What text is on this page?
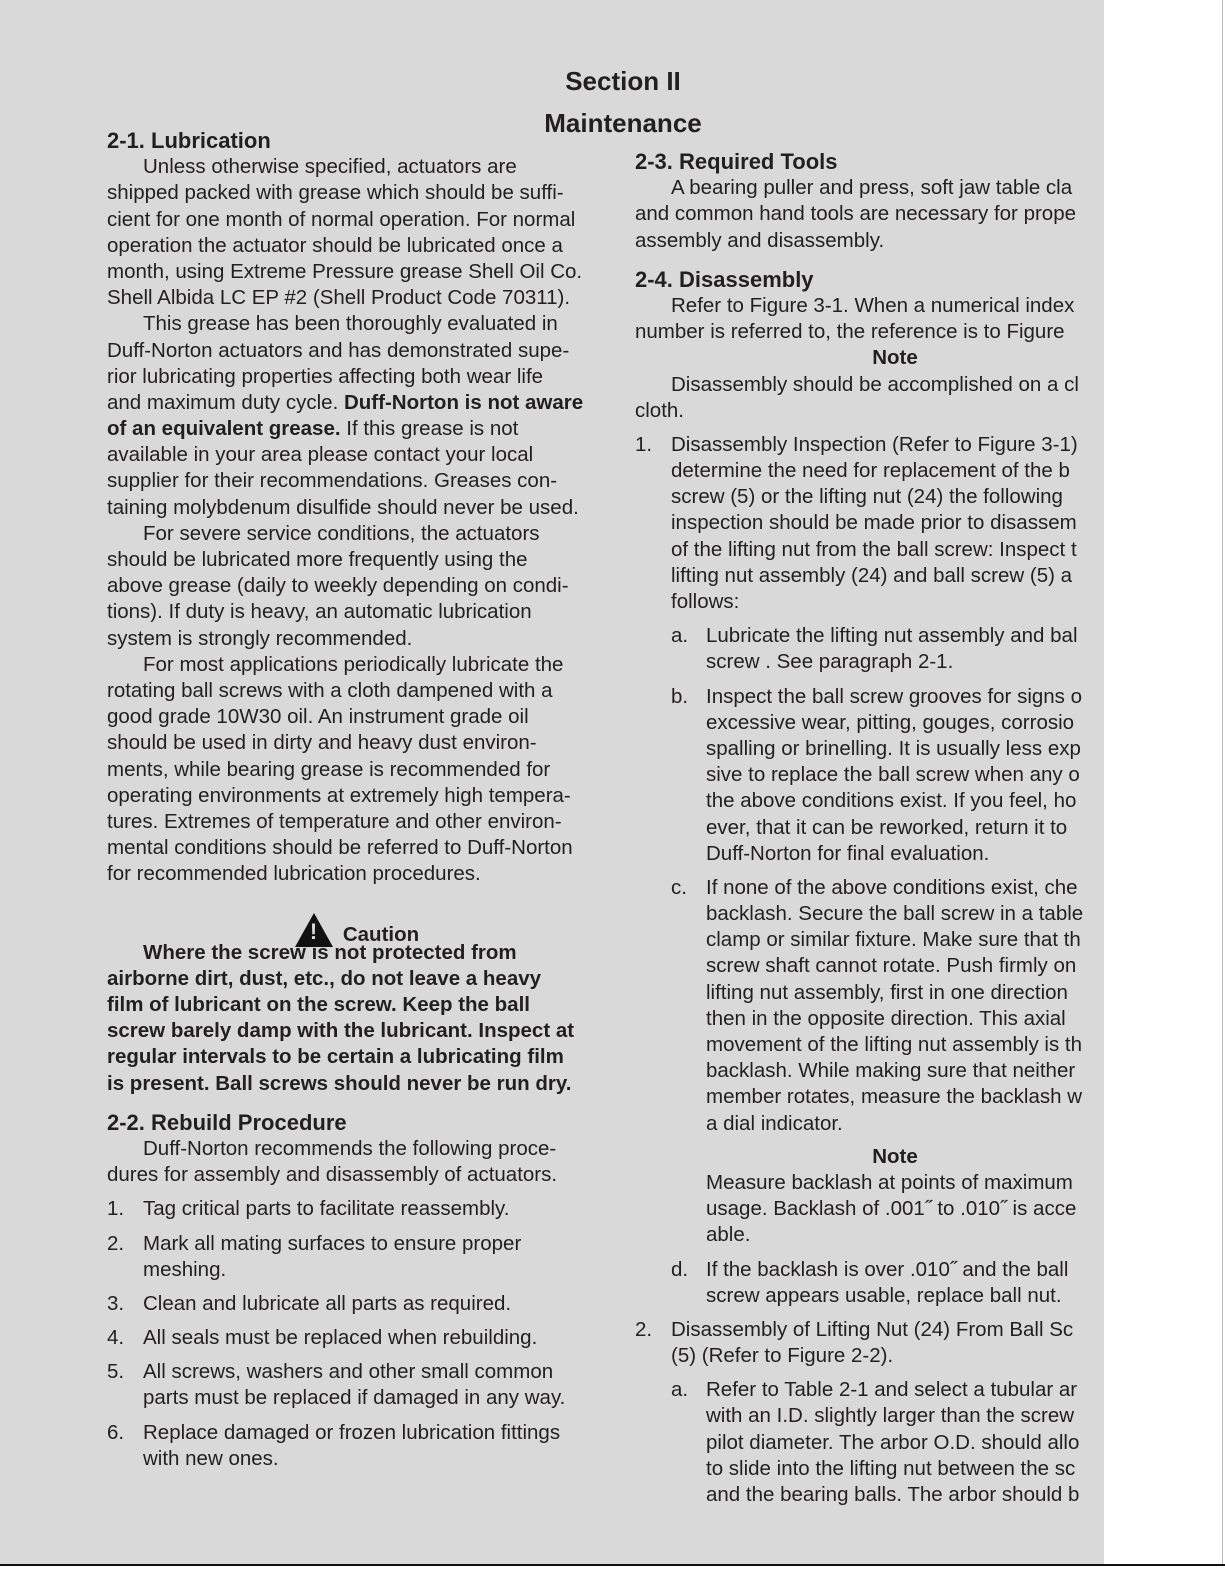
Section II
Maintenance
2-1. Lubrication
Unless otherwise specified, actuators are
shipped packed with grease which should be suffi-
cient for one month of normal operation. For normal
operation the actuator should be lubricated once a
month, using Extreme Pressure grease Shell Oil Co.
Shell Albida LC EP #2 (Shell Product Code 70311).
This grease has been thoroughly evaluated in
Duff-Norton actuators and has demonstrated supe-
rior lubricating properties affecting both wear life
and maximum duty cycle. Duff-Norton is not aware
of an equivalent grease. If this grease is not
available in your area please contact your local
supplier for their recommendations. Greases con-
taining molybdenum disulfide should never be used.
For severe service conditions, the actuators
should be lubricated more frequently using the
above grease (daily to weekly depending on condi-
tions). If duty is heavy, an automatic lubrication
system is strongly recommended.
For most applications periodically lubricate the
rotating ball screws with a cloth dampened with a
good grade 10W30 oil. An instrument grade oil
should be used in dirty and heavy dust environ-
ments, while bearing grease is recommended for
operating environments at extremely high tempera-
tures. Extremes of temperature and other environ-
mental conditions should be referred to Duff-Norton
for recommended lubrication procedures.
!Caution
Where the screw is not protected from
airborne dirt, dust, etc., do not leave a heavy
film of lubricant on the screw. Keep the ball
screw barely damp with the lubricant. Inspect at
regular intervals to be certain a lubricating film
is present. Ball screws should never be run dry.
2-2. Rebuild Procedure
Duff-Norton recommends the following proce-
dures for assembly and disassembly of actuators.
1. Tag critical parts to facilitate reassembly.
2. Mark all mating surfaces to ensure proper
meshing.
3. Clean and lubricate all parts as required.
4. All seals must be replaced when rebuilding.
5. All screws, washers and other small common
parts must be replaced if damaged in any way.
6. Replace damaged or frozen lubrication fittings
with new ones.
2-3. Required Tools
A bearing puller and press, soft jaw table cla
and common hand tools are necessary for prope
assembly and disassembly.
2-4. Disassembly
Refer to Figure 3-1. When a numerical index
number is referred to, the reference is to Figure
Note
Disassembly should be accomplished on a cl
cloth.
1. Disassembly Inspection (Refer to Figure 3-1)
determine the need for replacement of the b
screw (5) or the lifting nut (24) the following
inspection should be made prior to disassem
of the lifting nut from the ball screw: Inspect t
lifting nut assembly (24) and ball screw (5) a
follows:
a. Lubricate the lifting nut assembly and bal
screw . See paragraph 2-1.
b. Inspect the ball screw grooves for signs o
excessive wear, pitting, gouges, corrosio
spalling or brinelling. It is usually less exp
sive to replace the ball screw when any o
the above conditions exist. If you feel, ho
ever, that it can be reworked, return it to
Duff-Norton for final evaluation.
c. If none of the above conditions exist, che
backlash. Secure the ball screw in a table
clamp or similar fixture. Make sure that th
screw shaft cannot rotate. Push firmly on
lifting nut assembly, first in one direction
then in the opposite direction. This axial
movement of the lifting nut assembly is th
backlash. While making sure that neither
member rotates, measure the backlash w
a dial indicator.
Note
Measure backlash at points of maximum
usage. Backlash of .001˝ to .010˝ is acce
able.
d. If the backlash is over .010˝ and the ball
screw appears usable, replace ball nut.
2. Disassembly of Lifting Nut (24) From Ball Sc
(5) (Refer to Figure 2-2).
a. Refer to Table 2-1 and select a tubular ar
with an I.D. slightly larger than the screw
pilot diameter. The arbor O.D. should allo
to slide into the lifting nut between the sc
and the bearing balls. The arbor should b
